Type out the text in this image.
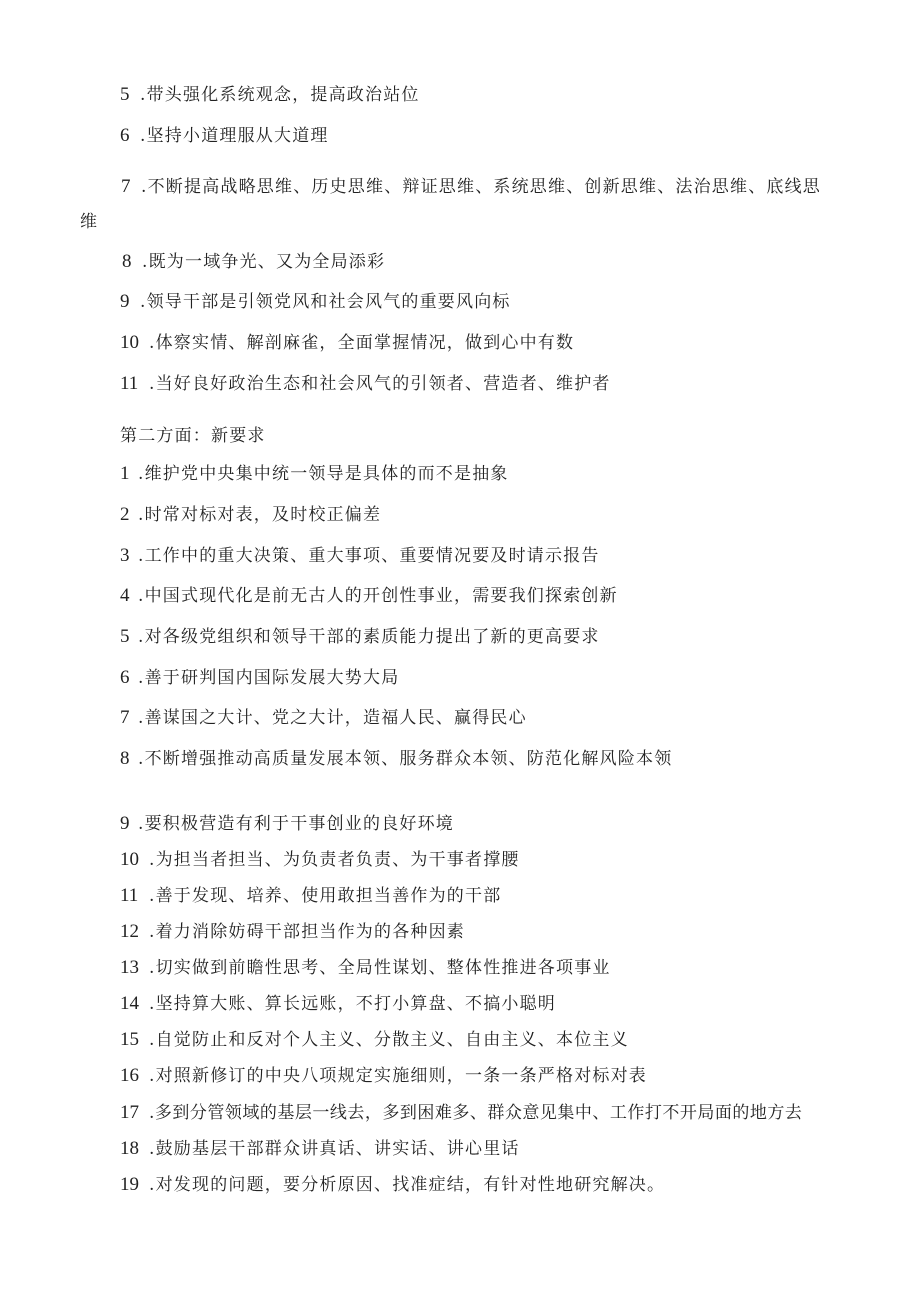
5 .带头强化系统观念，提高政治站位
6 .坚持小道理服从大道理
7 .不断提高战略思维、历史思维、辩证思维、系统思维、创新思维、法治思维、底线思
维
8 .既为一域争光、又为全局添彩
9 .领导干部是引领党风和社会风气的重要风向标
10 .体察实情、解剖麻雀，全面掌握情况，做到心中有数
11 .当好良好政治生态和社会风气的引领者、营造者、维护者
第二方面：新要求
1 .维护党中央集中统一领导是具体的而不是抽象
2 .时常对标对表，及时校正偏差
3 .工作中的重大决策、重大事项、重要情况要及时请示报告
4 .中国式现代化是前无古人的开创性事业，需要我们探索创新
5 .对各级党组织和领导干部的素质能力提出了新的更高要求
6 .善于研判国内国际发展大势大局
7 .善谋国之大计、党之大计，造福人民、赢得民心
8 .不断增强推动高质量发展本领、服务群众本领、防范化解风险本领
9 .要积极营造有利于干事创业的良好环境
10 .为担当者担当、为负责者负责、为干事者撑腰
11 .善于发现、培养、使用敢担当善作为的干部
12 .着力消除妨碍干部担当作为的各种因素
13 .切实做到前瞻性思考、全局性谋划、整体性推进各项事业
14 .坚持算大账、算长远账，不打小算盘、不搞小聪明
15 .自觉防止和反对个人主义、分散主义、自由主义、本位主义
16 .对照新修订的中央八项规定实施细则，一条一条严格对标对表
17 .多到分管领域的基层一线去，多到困难多、群众意见集中、工作打不开局面的地方去
18 .鼓励基层干部群众讲真话、讲实话、讲心里话
19 .对发现的问题，要分析原因、找准症结，有针对性地研究解决。
